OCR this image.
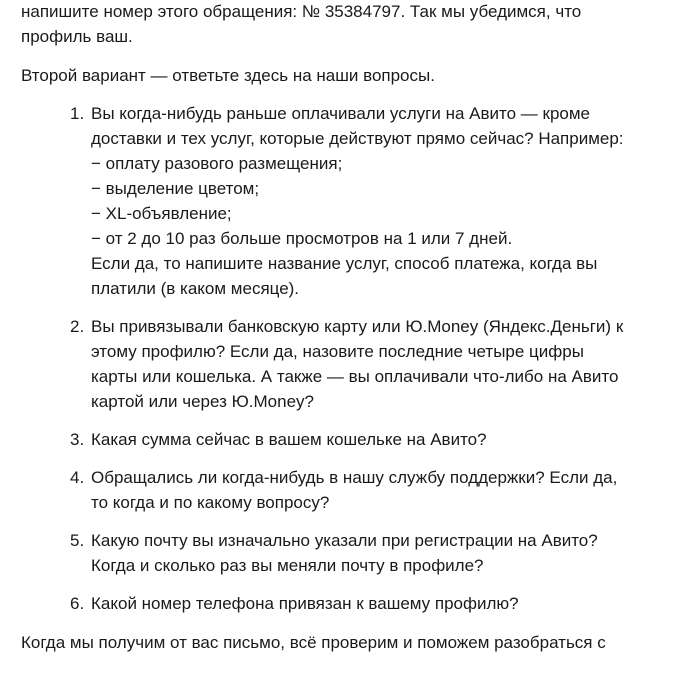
напишите номер этого обращения: № 35384797. Так мы убедимся, что
профиль ваш.

Второй вариант — ответьте здесь на наши вопросы.

1. Вы когда-нибудь раньше оплачивали услуги на Авито — кроме
доставки и тех услуг, которые действуют прямо сейчас? Например:
− оплату разового размещения;
− выделение цветом;
− XL-объявление;
− от 2 до 10 раз больше просмотров на 1 или 7 дней.
Если да, то напишите название услуг, способ платежа, когда вы
платили (в каком месяце).
2. Вы привязывали банковскую карту или Ю.Money (Яндекс.Деньги) к
этому профилю? Если да, назовите последние четыре цифры
карты или кошелька. А также — вы оплачивали что-либо на Авито
картой или через Ю.Money?
3. Какая сумма сейчас в вашем кошельке на Авито?
4. Обращались ли когда-нибудь в нашу службу поддержки? Если да,
то когда и по какому вопросу?
5. Какую почту вы изначально указали при регистрации на Авито?
Когда и сколько раз вы меняли почту в профиле?
6. Какой номер телефона привязан к вашему профилю?

Когда мы получим от вас письмо, всё проверим и поможем разобраться с
